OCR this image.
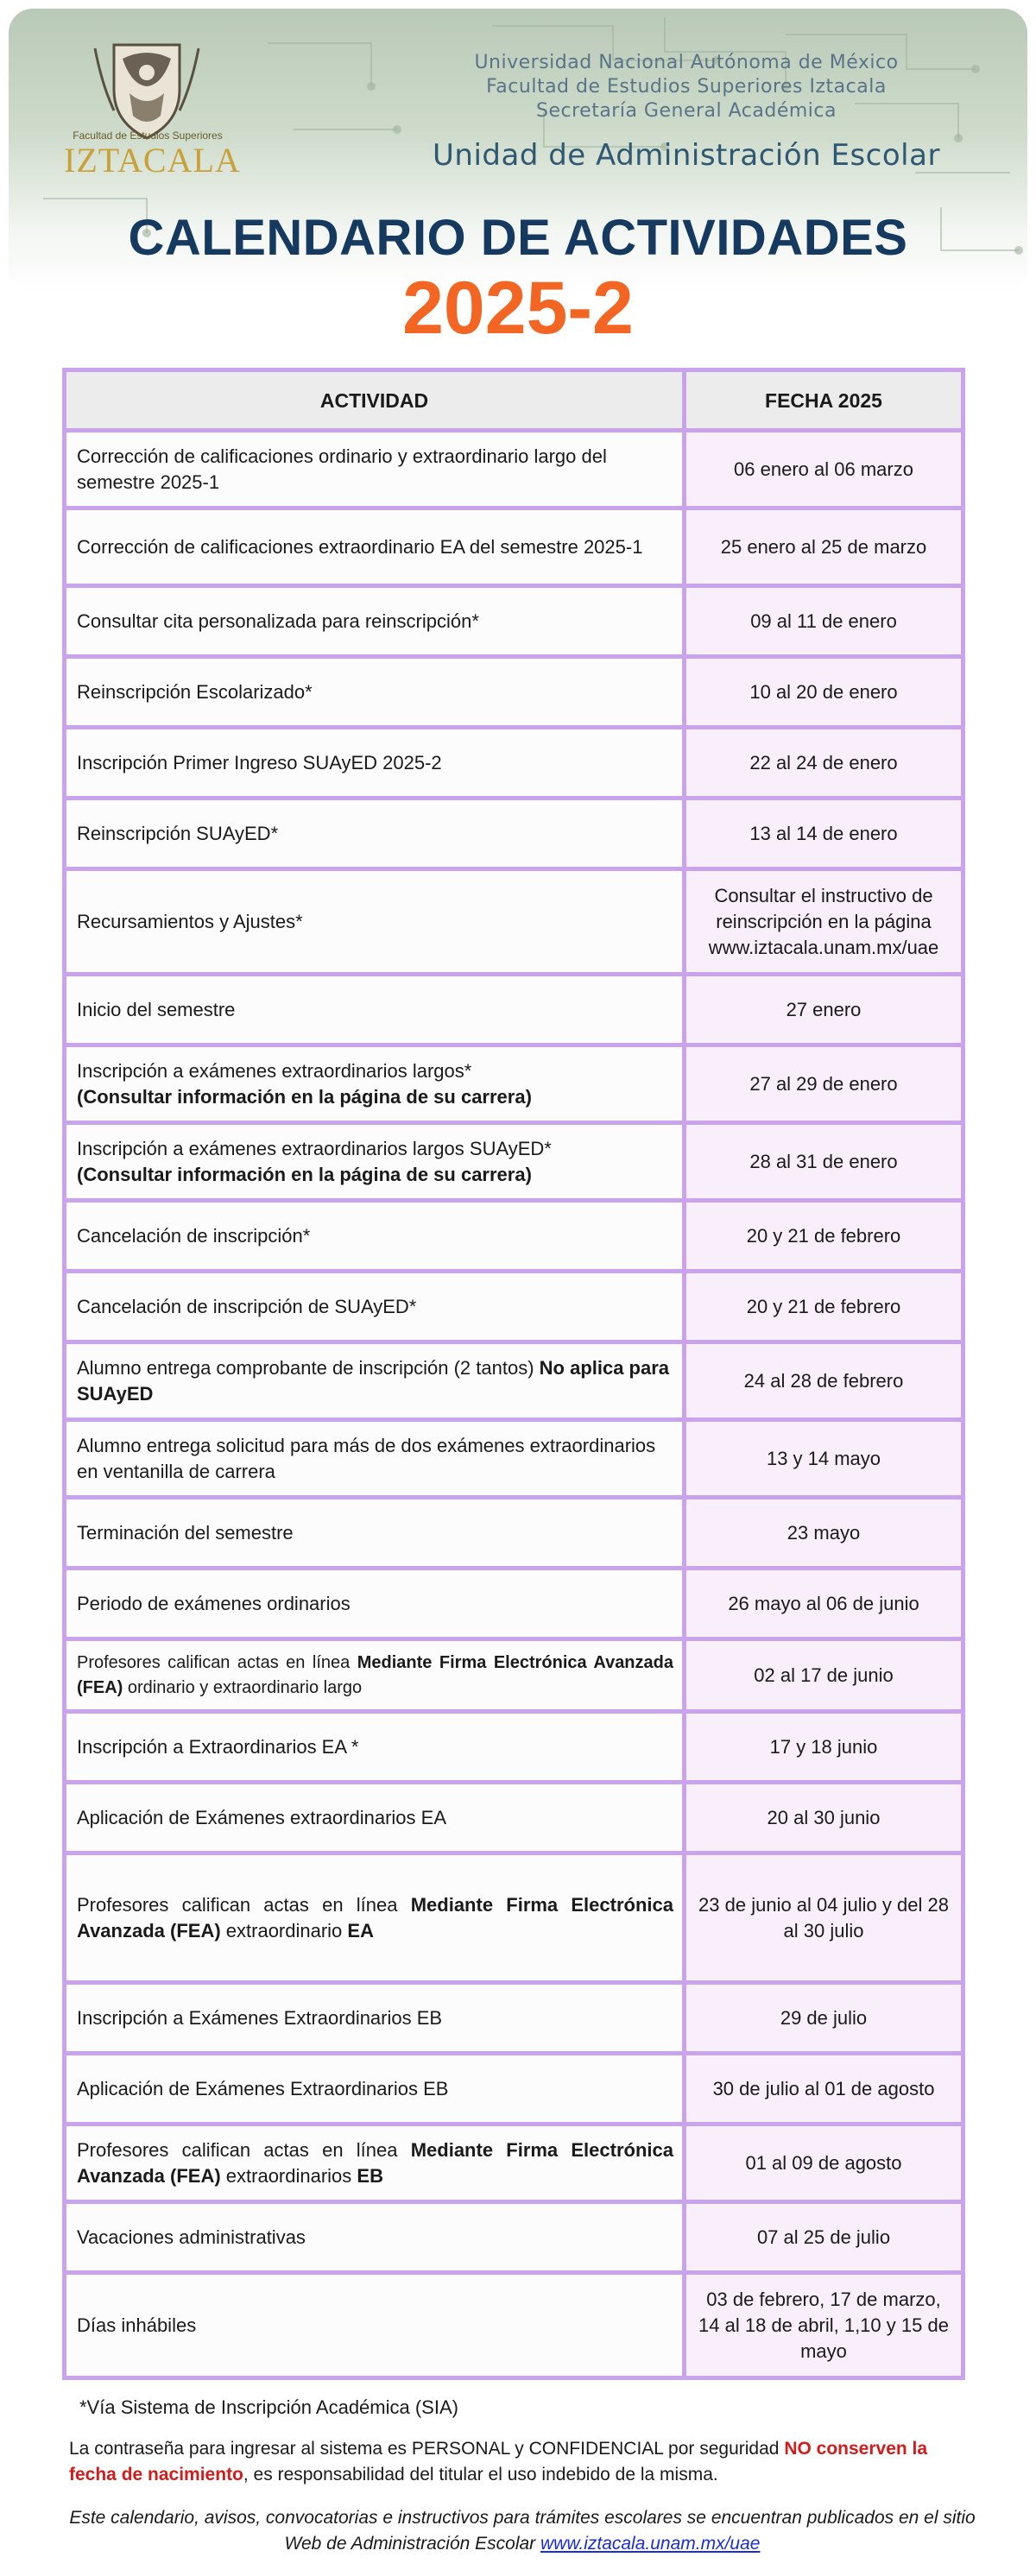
Facultad de Estudios Superiores
IZTACALA
Universidad Nacional Autónoma de México
Facultad de Estudios Superiores Iztacala
Secretaría General Académica
Unidad de Administración Escolar
CALENDARIO DE ACTIVIDADES
2025-2
ACTIVIDAD	FECHA 2025
Corrección de calificaciones ordinario y extraordinario largo del semestre 2025-1	06 enero al 06 marzo
Corrección de calificaciones extraordinario EA del semestre 2025-1	25 enero al 25 de marzo
Consultar cita personalizada para reinscripción*	09 al 11 de enero
Reinscripción Escolarizado*	10 al 20 de enero
Inscripción Primer Ingreso SUAyED 2025-2	22 al 24 de enero
Reinscripción SUAyED*	13 al 14 de enero
Recursamientos y Ajustes*	Consultar el instructivo de reinscripción en la página www.iztacala.unam.mx/uae
Inicio del semestre	27 enero
Inscripción a exámenes extraordinarios largos*
(Consultar información en la página de su carrera)	27 al 29 de enero
Inscripción a exámenes extraordinarios largos SUAyED*
(Consultar información en la página de su carrera)	28 al 31 de enero
Cancelación de inscripción*	20 y 21 de febrero
Cancelación de inscripción de SUAyED*	20 y 21 de febrero
Alumno entrega comprobante de inscripción (2 tantos) No aplica para SUAyED	24 al 28 de febrero
Alumno entrega solicitud para más de dos exámenes extraordinarios en ventanilla de carrera	13 y 14 mayo
Terminación del semestre	23 mayo
Periodo de exámenes ordinarios	26 mayo al 06 de junio
Profesores califican actas en línea Mediante Firma Electrónica Avanzada (FEA) ordinario y extraordinario largo	02 al 17 de junio
Inscripción a Extraordinarios EA *	17 y 18 junio
Aplicación de Exámenes extraordinarios EA	20 al 30 junio
Profesores califican actas en línea Mediante Firma Electrónica Avanzada (FEA) extraordinario EA	23 de junio al 04 julio y del 28 al 30 julio
Inscripción a Exámenes Extraordinarios EB	29 de julio
Aplicación de Exámenes Extraordinarios EB	30 de julio al 01 de agosto
Profesores califican actas en línea Mediante Firma Electrónica Avanzada (FEA) extraordinarios EB	01 al 09 de agosto
Vacaciones administrativas	07 al 25 de julio
Días inhábiles	03 de febrero, 17 de marzo, 14 al 18 de abril, 1,10 y 15 de mayo
*Vía Sistema de Inscripción Académica (SIA)
La contraseña para ingresar al sistema es PERSONAL y CONFIDENCIAL por seguridad NO conserven la fecha de nacimiento, es responsabilidad del titular el uso indebido de la misma.
Este calendario, avisos, convocatorias e instructivos para trámites escolares se encuentran publicados en el sitio Web de Administración Escolar www.iztacala.unam.mx/uae
